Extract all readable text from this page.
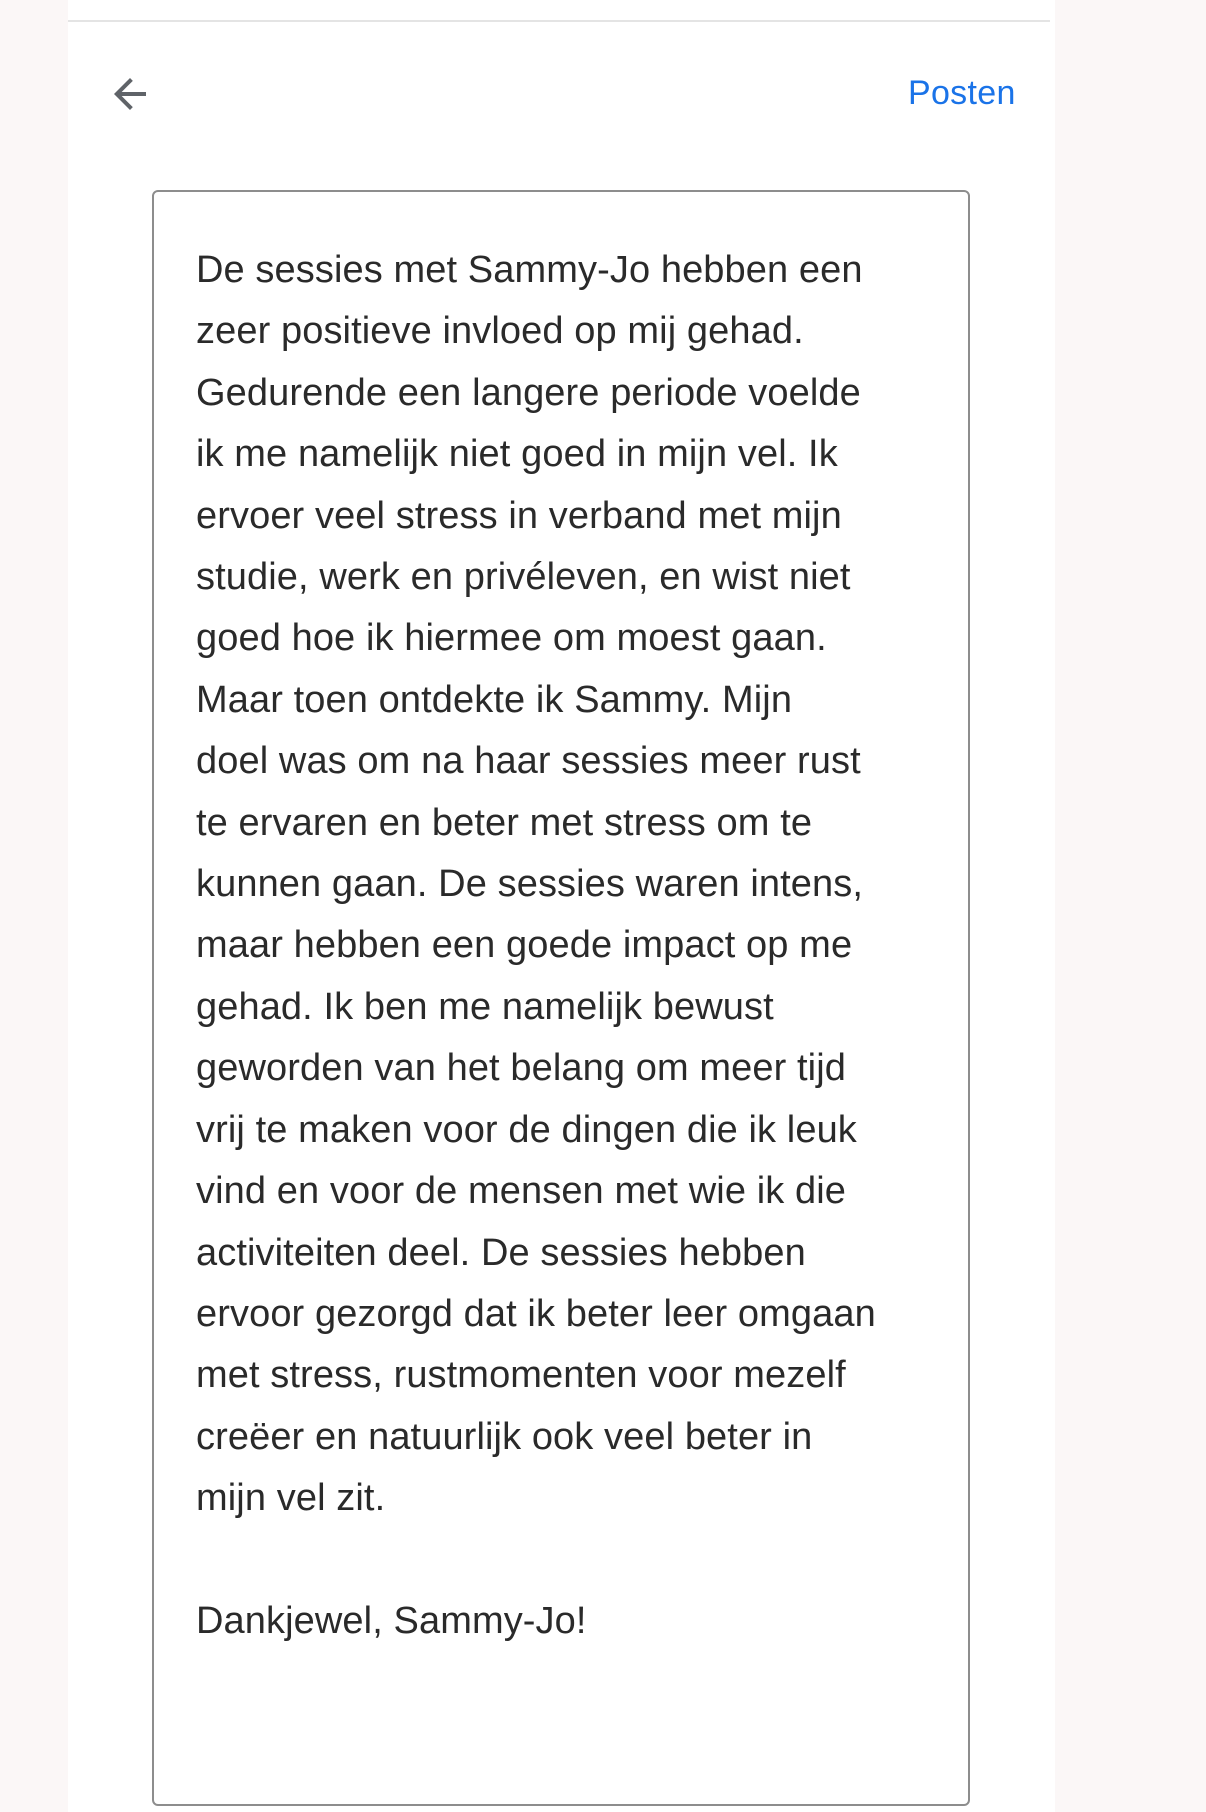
Posten

De sessies met Sammy-Jo hebben een
zeer positieve invloed op mij gehad.
Gedurende een langere periode voelde
ik me namelijk niet goed in mijn vel. Ik
ervoer veel stress in verband met mijn
studie, werk en privéleven, en wist niet
goed hoe ik hiermee om moest gaan.
Maar toen ontdekte ik Sammy. Mijn
doel was om na haar sessies meer rust
te ervaren en beter met stress om te
kunnen gaan. De sessies waren intens,
maar hebben een goede impact op me
gehad. Ik ben me namelijk bewust
geworden van het belang om meer tijd
vrij te maken voor de dingen die ik leuk
vind en voor de mensen met wie ik die
activiteiten deel. De sessies hebben
ervoor gezorgd dat ik beter leer omgaan
met stress, rustmomenten voor mezelf
creëer en natuurlijk ook veel beter in
mijn vel zit.

Dankjewel, Sammy-Jo!
